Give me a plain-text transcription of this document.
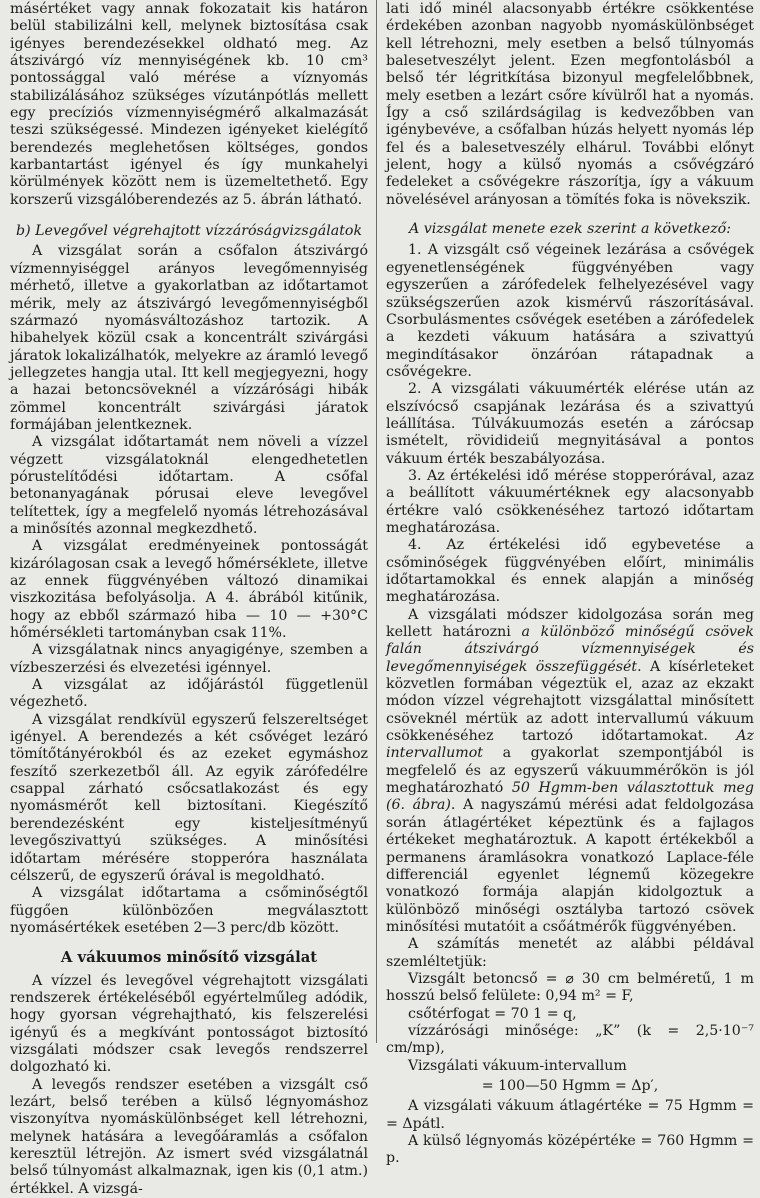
másértéket vagy annak fokozatait kis határon belül stabilizálni kell, melynek biztosítása csak igényes berendezésekkel oldható meg. Az átszivárgó víz mennyiségének kb. 10 cm³ pontossággal való mérése a víznyomás stabilizálásához szükséges vízutánpótlás mellett egy precíziós vízmennyiségmérő alkalmazását teszi szükségessé. Mindezen igényeket kielégítő berendezés meglehetősen költséges, gondos karbantartást igényel és így munkahelyi körülmények között nem is üzemeltethető. Egy korszerű vizsgálóberendezés az 5. ábrán látható.

b) Levegővel végrehajtott vízzáróságvizsgálatok

A vizsgálat során a csőfalon átszivárgó vízmennyiséggel arányos levegőmennyiség mérhető, illetve a gyakorlatban az időtartamot mérik, mely az átszivárgó levegőmennyiségből származó nyomásváltozáshoz tartozik. A hibahelyek közül csak a koncentrált szivárgási járatok lokalizálhatók, melyekre az áramló levegő jellegzetes hangja utal. Itt kell megjegyezni, hogy a hazai betoncsöveknél a vízzárósági hibák zömmel koncentrált szivárgási járatok formájában jelentkeznek.

A vizsgálat időtartamát nem növeli a vízzel végzett vizsgálatoknál elengedhetetlen pórustelítődési időtartam. A csőfal betonanyagának pórusai eleve levegővel telítettek, így a megfelelő nyomás létrehozásával a minősítés azonnal megkezdhető.

A vizsgálat eredményeinek pontosságát kizárólagosan csak a levegő hőmérséklete, illetve az ennek függvényében változó dinamikai viszkozitása befolyásolja. A 4. ábrából kitűnik, hogy az ebből származó hiba — 10 — +30°C hőmérsékleti tartományban csak 11%.

A vizsgálatnak nincs anyagigénye, szemben a vízbeszerzési és elvezetési igénnyel.

A vizsgálat az időjárástól függetlenül végezhető.

A vizsgálat rendkívül egyszerű felszereltséget igényel. A berendezés a két csővéget lezáró tömítőtányérokból és az ezeket egymáshoz feszítő szerkezetből áll. Az egyik zárófedélre csappal zárható csőcsatlakozást és egy nyomásmérőt kell biztosítani. Kiegészítő berendezésként egy kisteljesítményű levegőszivattyú szükséges. A minősítési időtartam mérésére stopperóra használata célszerű, de egyszerű órával is megoldható.

A vizsgálat időtartama a csőminőségtől függően különbözően megválasztott nyomásértékek esetében 2—3 perc/db között.

A vákuumos minősítő vizsgálat

A vízzel és levegővel végrehajtott vizsgálati rendszerek értékeléséből egyértelműleg adódik, hogy gyorsan végrehajtható, kis felszerelési igényű és a megkívánt pontosságot biztosító vizsgálati módszer csak levegős rendszerrel dolgozható ki.

A levegős rendszer esetében a vizsgált cső lezárt, belső terében a külső légnyomáshoz viszonyítva nyomáskülönbséget kell létrehozni, melynek hatására a levegőáramlás a csőfalon keresztül létrejön. Az ismert svéd vizsgálatnál belső túlnyomást alkalmaznak, igen kis (0,1 atm.) értékkel. A vizsgá-

lati idő minél alacsonyabb értékre csökkentése érdekében azonban nagyobb nyomáskülönbséget kell létrehozni, mely esetben a belső túlnyomás balesetveszélyt jelent. Ezen megfontolásból a belső tér légritkítása bizonyul megfelelőbbnek, mely esetben a lezárt csőre kívülről hat a nyomás. Így a cső szilárdságilag is kedvezőbben van igénybevéve, a csőfalban húzás helyett nyomás lép fel és a balesetveszély elhárul. További előnyt jelent, hogy a külső nyomás a csővégzáró fedeleket a csővégekre rászorítja, így a vákuum növelésével arányosan a tömítés foka is növekszik.

A vizsgálat menete ezek szerint a következő:

1. A vizsgált cső végeinek lezárása a csővégek egyenetlenségének függvényében vagy egyszerűen a zárófedelek felhelyezésével vagy szükségszerűen azok kismérvű rászorításával. Csorbulásmentes csővégek esetében a zárófedelek a kezdeti vákuum hatására a szivattyú megindításakor önzáróan rátapadnak a csővégekre.

2. A vizsgálati vákuumérték elérése után az elszívócső csapjának lezárása és a szivattyú leállítása. Túlvákuumozás esetén a zárócsap ismételt, rövidideiű megnyitásával a pontos vákuum érték beszabályozása.

3. Az értékelési idő mérése stopperórával, azaz a beállított vákuumértéknek egy alacsonyabb értékre való csökkenéséhez tartozó időtartam meghatározása.

4. Az értékelési idő egybevetése a csőminőségek függvényében előírt, minimális időtartamokkal és ennek alapján a minőség meghatározása.

A vizsgálati módszer kidolgozása során meg kellett határozni a különböző minőségű csövek falán átszivárgó vízmennyiségek és levegőmennyiségek összefüggését. A kísérleteket közvetlen formában végeztük el, azaz az ekzakt módon vízzel végrehajtott vizsgálattal minősített csöveknél mértük az adott intervallumú vákuum csökkenéséhez tartozó időtartamokat. Az intervallumot a gyakorlat szempontjából is megfelelő és az egyszerű vákuummérőkön is jól meghatározható 50 Hgmm-ben választottuk meg (6. ábra). A nagyszámú mérési adat feldolgozása során átlagértéket képeztünk és a fajlagos értékeket meghatároztuk. A kapott értékekből a permanens áramlásokra vonatkozó Laplace-féle differenciál egyenlet légnemű közegekre vonatkozó formája alapján kidolgoztuk a különböző minőségi osztályba tartozó csövek minősítési mutatóit a csőátmérők függvényében.

A számítás menetét az alábbi példával szemléltetjük:

Vizsgált betoncső = ⌀ 30 cm belméretű, 1 m hosszú belső felülete: 0,94 m² = F,

csőtérfogat = 70 1 = q,

vízzárósági minősége: „K” (k = 2,5·10⁻⁷ cm/mp),

Vizsgálati vákuum-intervallum

= 100—50 Hgmm = Δp′,

A vizsgálati vákuum átlagértéke = 75 Hgmm = = Δpátl.

A külső légnyomás középértéke = 760 Hgmm = p.
